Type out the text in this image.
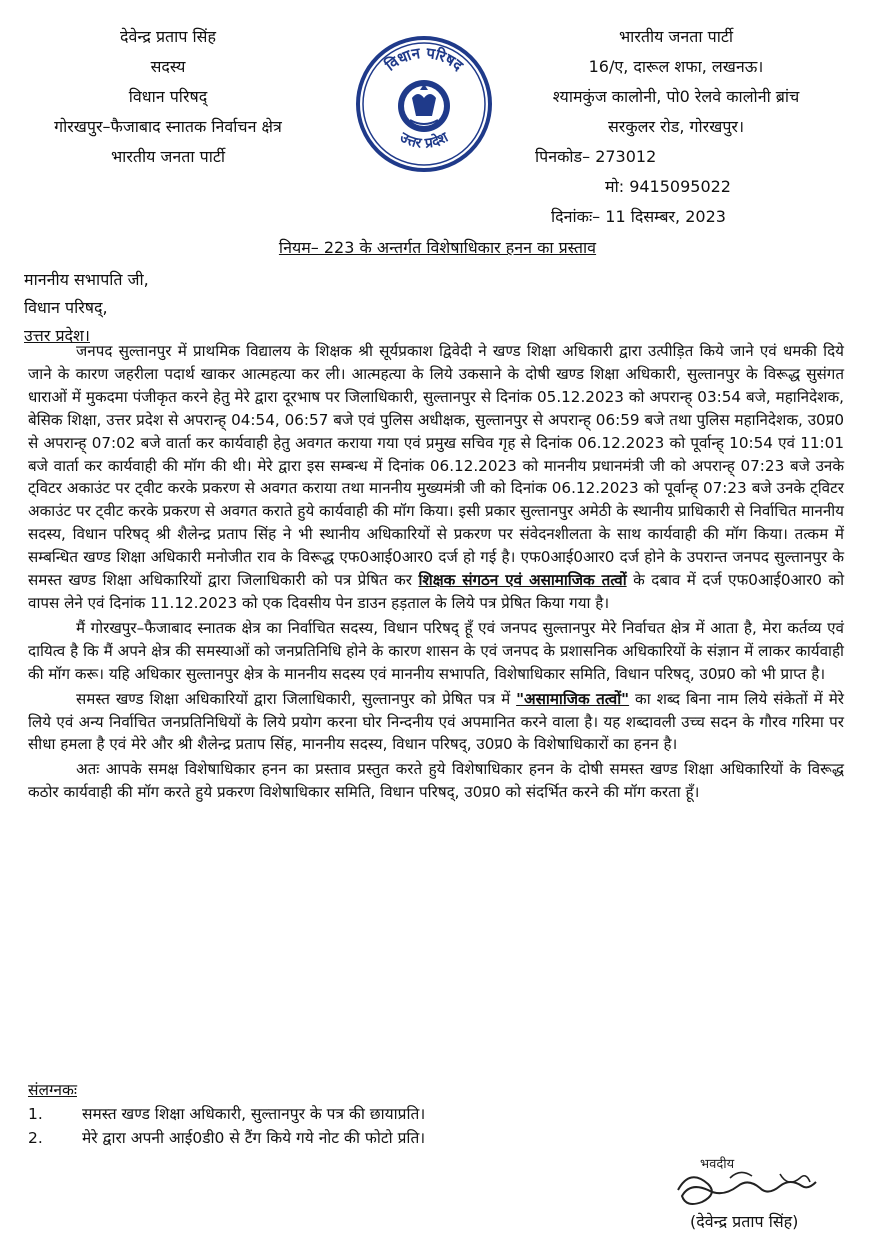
देवेन्द्र प्रताप सिंह
सदस्य
विधान परिषद्
गोरखपुर–फैजाबाद स्नातक निर्वाचन क्षेत्र
भारतीय जनता पार्टी
विधान परिषद
उत्तर प्रदेश
भारतीय जनता पार्टी
16/ए, दारूल शफा, लखनऊ।
श्यामकुंज कालोनी, पो0 रेलवे कालोनी ब्रांच
सरकुलर रोड, गोरखपुर।
पिनकोड– 273012
मो: 9415095022
दिनांकः– 11 दिसम्बर, 2023
नियम– 223 के अन्तर्गत विशेषाधिकार हनन का प्रस्ताव
माननीय सभापति जी,
विधान परिषद्,
उत्तर प्रदेश।

जनपद सुल्तानपुर में प्राथमिक विद्यालय के शिक्षक श्री सूर्यप्रकाश द्विवेदी ने खण्ड शिक्षा अधिकारी द्वारा उत्पीड़ित किये जाने एवं धमकी दिये जाने के कारण जहरीला पदार्थ खाकर आत्महत्या कर ली। आत्महत्या के लिये उकसाने के दोषी खण्ड शिक्षा अधिकारी, सुल्तानपुर के विरूद्ध सुसंगत धाराओं में मुकदमा पंजीकृत करने हेतु मेरे द्वारा दूरभाष पर जिलाधिकारी, सुल्तानपुर से दिनांक 05.12.2023 को अपरान्ह् 03:54 बजे, महानिदेशक, बेसिक शिक्षा, उत्तर प्रदेश से अपरान्ह् 04:54, 06:57 बजे एवं पुलिस अधीक्षक, सुल्तानपुर से अपरान्ह् 06:59 बजे तथा पुलिस महानिदेशक, उ0प्र0 से अपरान्ह् 07:02 बजे वार्ता कर कार्यवाही हेतु अवगत कराया गया एवं प्रमुख सचिव गृह से दिनांक 06.12.2023 को पूर्वान्ह् 10:54 एवं 11:01 बजे वार्ता कर कार्यवाही की मॉग की थी। मेरे द्वारा इस सम्बन्ध में दिनांक 06.12.2023 को माननीय प्रधानमंत्री जी को अपरान्ह् 07:23 बजे उनके ट्विटर अकाउंट पर ट्वीट करके प्रकरण से अवगत कराया तथा माननीय मुख्यमंत्री जी को दिनांक 06.12.2023 को पूर्वान्ह् 07:23 बजे उनके ट्विटर अकाउंट पर ट्वीट करके प्रकरण से अवगत कराते हुये कार्यवाही की मॉग किया। इसी प्रकार सुल्तानपुर अमेठी के स्थानीय प्राधिकारी से निर्वाचित माननीय सदस्य, विधान परिषद् श्री शैलेन्द्र प्रताप सिंह ने भी स्थानीय अधिकारियों से प्रकरण पर संवेदनशीलता के साथ कार्यवाही की मॉग किया। तत्कम में सम्बन्धित खण्ड शिक्षा अधिकारी मनोजीत राव के विरूद्ध एफ0आई0आर0 दर्ज हो गई है। एफ0आई0आर0 दर्ज होने के उपरान्त जनपद सुल्तानपुर के समस्त खण्ड शिक्षा अधिकारियों द्वारा जिलाधिकारी को पत्र प्रेषित कर शिक्षक संगठन एवं असामाजिक तत्वों के दबाव में दर्ज एफ0आई0आर0 को वापस लेने एवं दिनांक 11.12.2023 को एक दिवसीय पेन डाउन हड़ताल के लिये पत्र प्रेषित किया गया है।

मैं गोरखपुर–फैजाबाद स्नातक क्षेत्र का निर्वाचित सदस्य, विधान परिषद् हूँ एवं जनपद सुल्तानपुर मेरे निर्वाचत क्षेत्र में आता है, मेरा कर्तव्य एवं दायित्व है कि मैं अपने क्षेत्र की समस्याओं को जनप्रतिनिधि होने के कारण शासन के एवं जनपद के प्रशासनिक अधिकारियों के संज्ञान में लाकर कार्यवाही की मॉग करू। यहि अधिकार सुल्तानपुर क्षेत्र के माननीय सदस्य एवं माननीय सभापति, विशेषाधिकार समिति, विधान परिषद्, उ0प्र0 को भी प्राप्त है।

समस्त खण्ड शिक्षा अधिकारियों द्वारा जिलाधिकारी, सुल्तानपुर को प्रेषित पत्र में "असामाजिक तत्वों" का शब्द बिना नाम लिये संकेतों में मेरे लिये एवं अन्य निर्वाचित जनप्रतिनिधियों के लिये प्रयोग करना घोर निन्दनीय एवं अपमानित करने वाला है। यह शब्दावली उच्च सदन के गौरव गरिमा पर सीधा हमला है एवं मेरे और श्री शैलेन्द्र प्रताप सिंह, माननीय सदस्य, विधान परिषद्, उ0प्र0 के विशेषाधिकारों का हनन है।

अतः आपके समक्ष विशेषाधिकार हनन का प्रस्ताव प्रस्तुत करते हुये विशेषाधिकार हनन के दोषी समस्त खण्ड शिक्षा अधिकारियों के विरूद्ध कठोर कार्यवाही की मॉग करते हुये प्रकरण विशेषाधिकार समिति, विधान परिषद्, उ0प्र0 को संदर्भित करने की मॉग करता हूँ।

संलग्नकः
1.	समस्त खण्ड शिक्षा अधिकारी, सुल्तानपुर के पत्र की छायाप्रति।
2.	मेरे द्वारा अपनी आई0डी0 से टैंग किये गये नोट की फोटो प्रति।
भवदीय
(देवेन्द्र प्रताप सिंह)
